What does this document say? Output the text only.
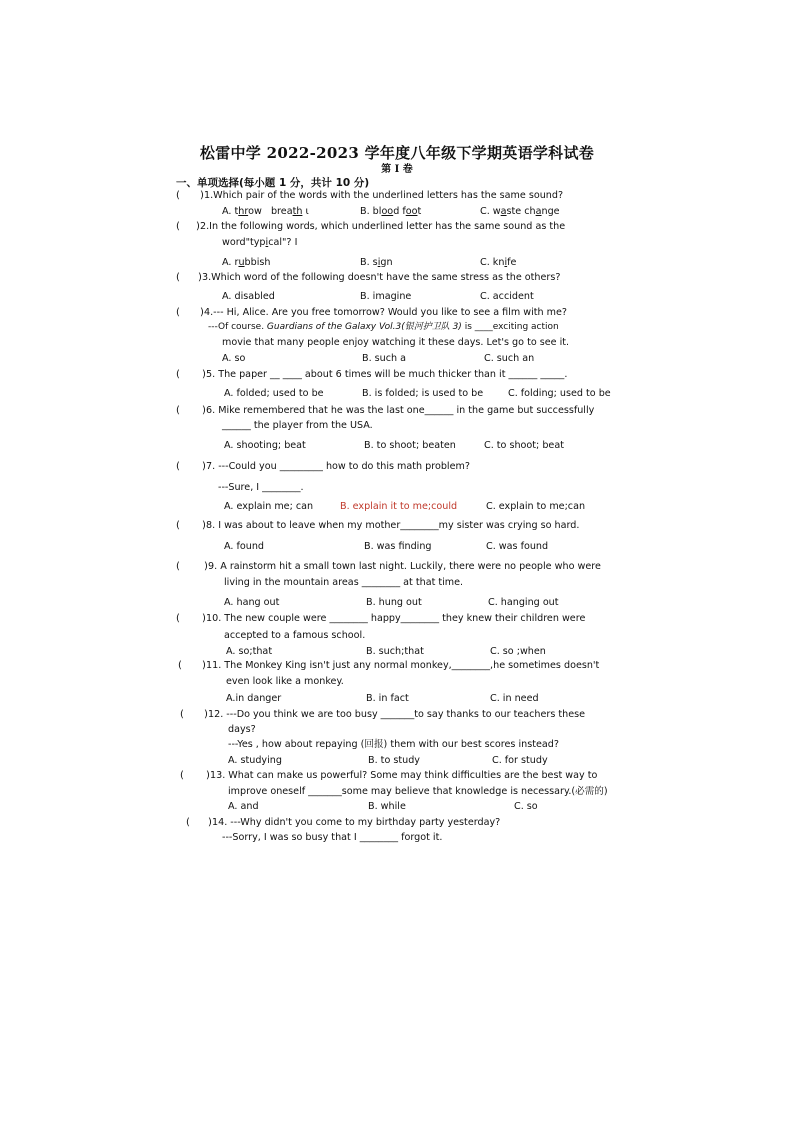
松雷中学 2022-2023 学年度八年级下学期英语学科试卷
第 I 卷
一、单项选择(每小题 1 分，共计 10 分)
( ) 1.Which pair of the words with the underlined letters has the same sound?
A. throw breath ι	B. blood foot	C. waste change
( ) 2.In the following words, which underlined letter has the same sound as the
word"typical"? I
A. rubbish	B. sign	C. knife
( ) 3.Which word of the following doesn't have the same stress as the others?
A. disabled	B. imagine	C. accident
( ) 4.--- Hi, Alice. Are you free tomorrow? Would you like to see a film with me?
---Of course. Guardians of the Galaxy Vol.3(银河护卫队 3) is ____exciting action
movie that many people enjoy watching it these days. Let's go to see it.
A. so	B. such a	C. such an
( ) 5. The paper __ ____ about 6 times will be much thicker than it ______ _____.
A. folded; used to be	B. is folded; is used to be	C. folding; used to be
( ) 6. Mike remembered that he was the last one______ in the game but successfully
______ the player from the USA.
A. shooting; beat	B. to shoot; beaten	C. to shoot; beat
( ) 7. ---Could you _________ how to do this math problem?
---Sure, I ________.
A. explain me; can	B. explain it to me;could	C. explain to me;can
( ) 8. I was about to leave when my mother________my sister was crying so hard.
A. found	B. was finding	C. was found
( ) 9. A rainstorm hit a small town last night. Luckily, there were no people who were
living in the mountain areas ________ at that time.
A. hang out	B. hung out	C. hanging out
( ) 10. The new couple were ________ happy________ they knew their children were
accepted to a famous school.
A. so;that	B. such;that	C. so ;when
( ) 11. The Monkey King isn't just any normal monkey,________,he sometimes doesn't
even look like a monkey.
A.in danger	B. in fact	C. in need
( ) 12. ---Do you think we are too busy _______to say thanks to our teachers these
days?
---Yes , how about repaying (回报) them with our best scores instead?
A. studying	B. to study	C. for study
( ) 13. What can make us powerful? Some may think difficulties are the best way to
improve oneself _______some may believe that knowledge is necessary.(必需的)
A. and	B. while	C. so
( ) 14. ---Why didn't you come to my birthday party yesterday?
---Sorry, I was so busy that I ________ forgot it.
